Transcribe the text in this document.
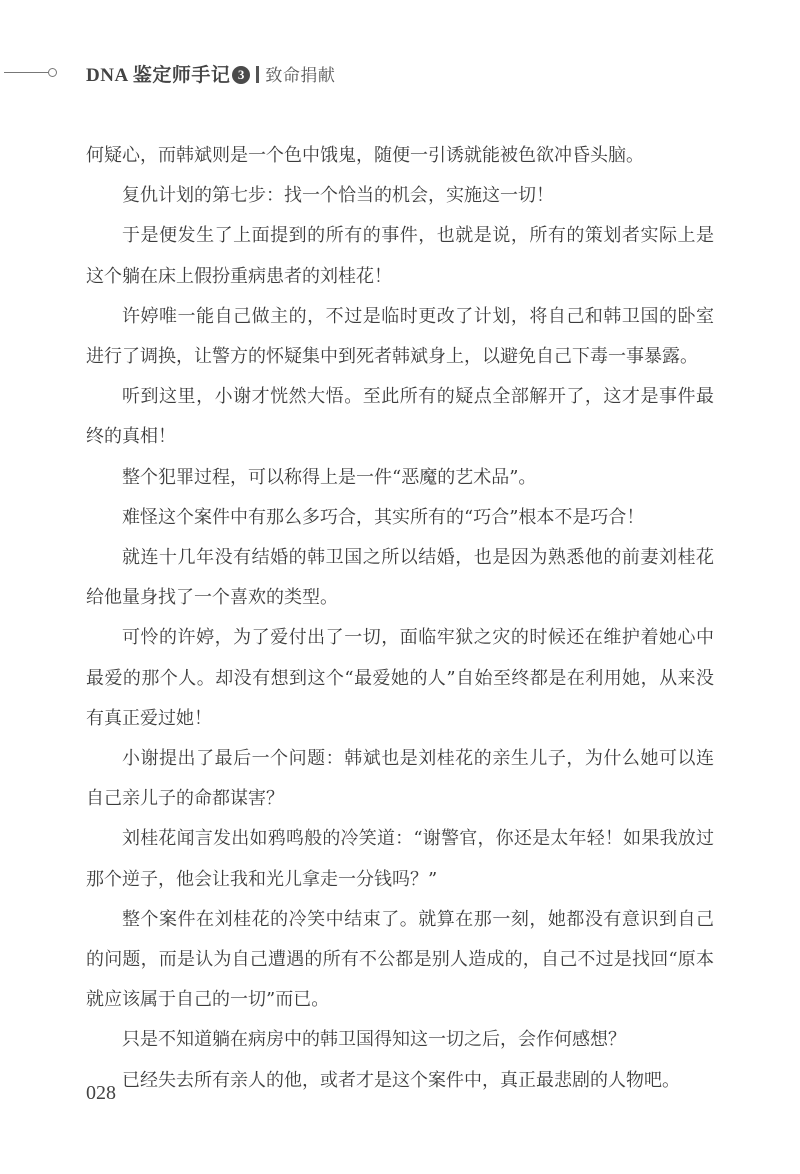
DNA 鉴定师手记 3 致命捐献

何疑心，而韩斌则是一个色中饿鬼，随便一引诱就能被色欲冲昏头脑。

复仇计划的第七步：找一个恰当的机会，实施这一切！

于是便发生了上面提到的所有的事件，也就是说，所有的策划者实际上是这个躺在床上假扮重病患者的刘桂花！

许婷唯一能自己做主的，不过是临时更改了计划，将自己和韩卫国的卧室进行了调换，让警方的怀疑集中到死者韩斌身上，以避免自己下毒一事暴露。

听到这里，小谢才恍然大悟。至此所有的疑点全部解开了，这才是事件最终的真相！

整个犯罪过程，可以称得上是一件“恶魔的艺术品”。

难怪这个案件中有那么多巧合，其实所有的“巧合”根本不是巧合！

就连十几年没有结婚的韩卫国之所以结婚，也是因为熟悉他的前妻刘桂花给他量身找了一个喜欢的类型。

可怜的许婷，为了爱付出了一切，面临牢狱之灾的时候还在维护着她心中最爱的那个人。却没有想到这个“最爱她的人”自始至终都是在利用她，从来没有真正爱过她！

小谢提出了最后一个问题：韩斌也是刘桂花的亲生儿子，为什么她可以连自己亲儿子的命都谋害？

刘桂花闻言发出如鸦鸣般的冷笑道：“谢警官，你还是太年轻！如果我放过那个逆子，他会让我和光儿拿走一分钱吗？”

整个案件在刘桂花的冷笑中结束了。就算在那一刻，她都没有意识到自己的问题，而是认为自己遭遇的所有不公都是别人造成的，自己不过是找回“原本就应该属于自己的一切”而已。

只是不知道躺在病房中的韩卫国得知这一切之后，会作何感想？

已经失去所有亲人的他，或者才是这个案件中，真正最悲剧的人物吧。

028
